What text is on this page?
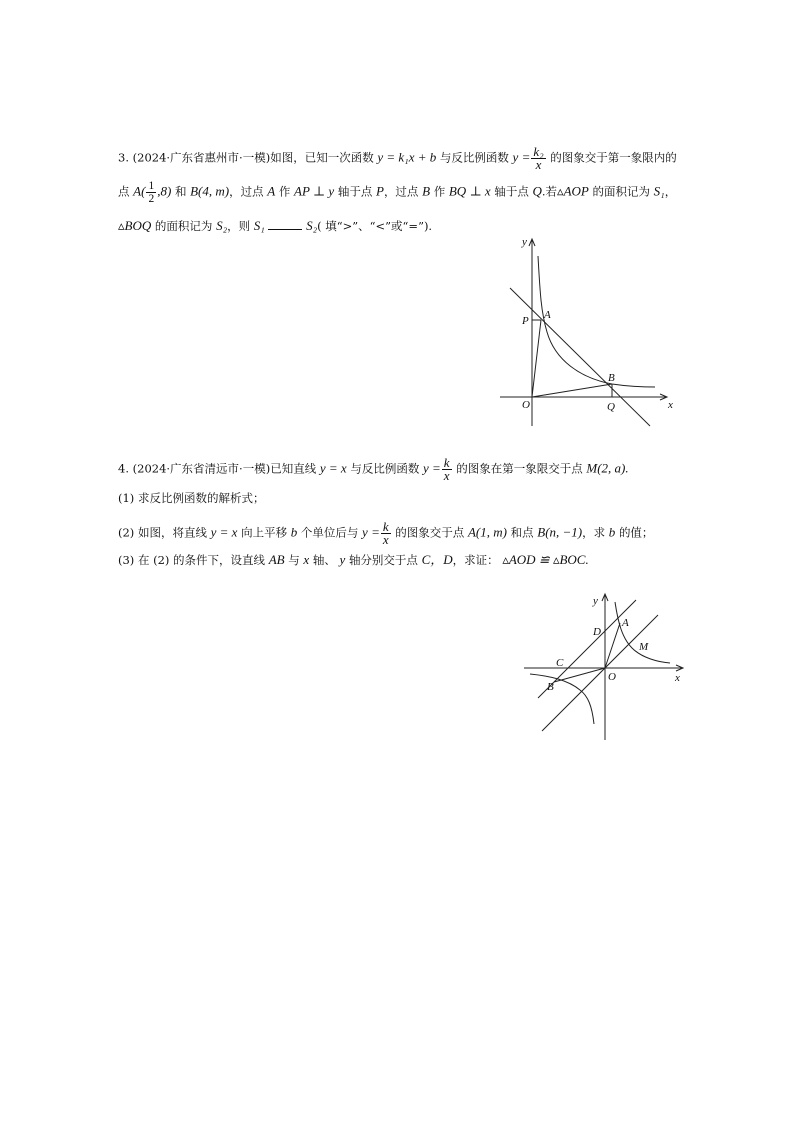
3. (2024·广东省惠州市·一模)如图，已知一次函数 y = k₁x + b 与反比例函数 $y = \frac{\text{k₂}}{x}$ 的图象交于第一象限内的
点 $A( \frac{1}{2} ,8)$ 和 B(4, m)，过点 A 作 AP ⊥ y 轴于点 P，过点 B 作 BQ ⊥ x 轴于点 Q.若▵AOP 的面积记为 S₁，
▵BOQ 的面积记为 S₂，则 S₁	S₂( 填“>”、“<”或“=”).
y
x
O
P A
B
Q
4. (2024·广东省清远市·一模)已知直线 y = x 与反比例函数 $y = \frac{k}{x}$ 的图象在第一象限交于点 M(2, a).
(1) 求反比例函数的解析式；
(2) 如图，将直线 y = x 向上平移 b 个单位后与 $y = \frac{k}{x}$ 的图象交于点 A(1, m) 和点 B(n, −1)，求 b 的值；
(3) 在 (2) 的条件下，设直线 AB 与 x 轴、 y 轴分别交于点 C，D，求证： ▵AOD ≌ ▵BOC.
y
x
O
A
D
M
C
B
